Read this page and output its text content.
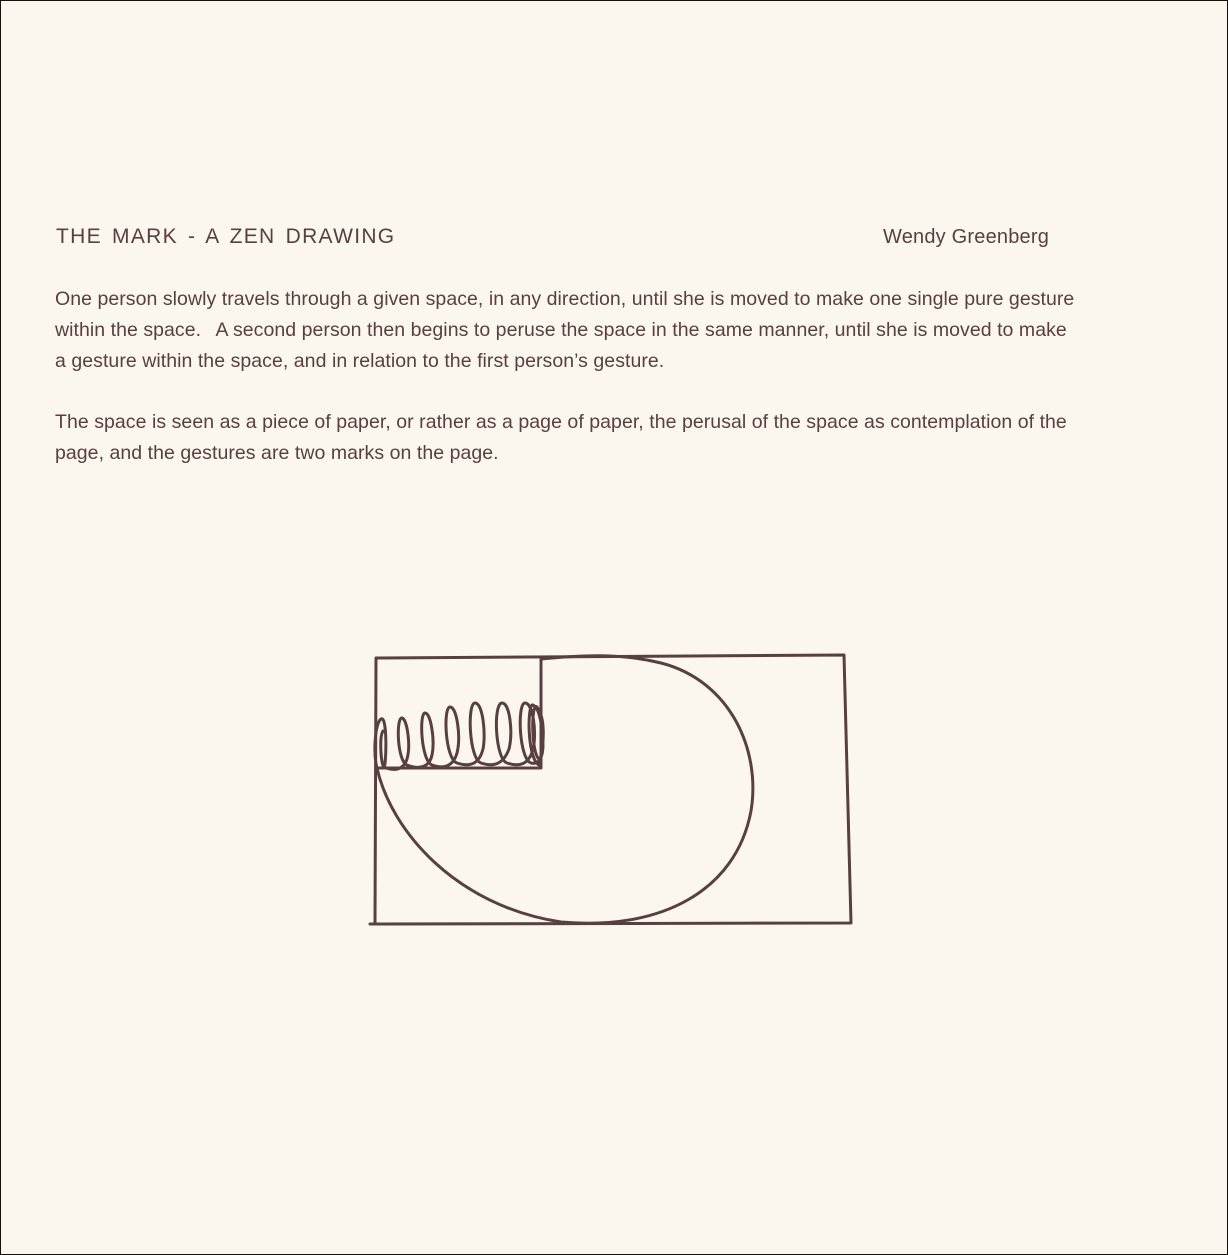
THE MARK - A ZEN DRAWING	Wendy Greenberg
One person slowly travels through a given space, in any direction, until she is moved to make one single pure gesture
within the space. A second person then begins to peruse the space in the same manner, until she is moved to make
a gesture within the space, and in relation to the first person’s gesture.
The space is seen as a piece of paper, or rather as a page of paper, the perusal of the space as contemplation of the
page, and the gestures are two marks on the page.
